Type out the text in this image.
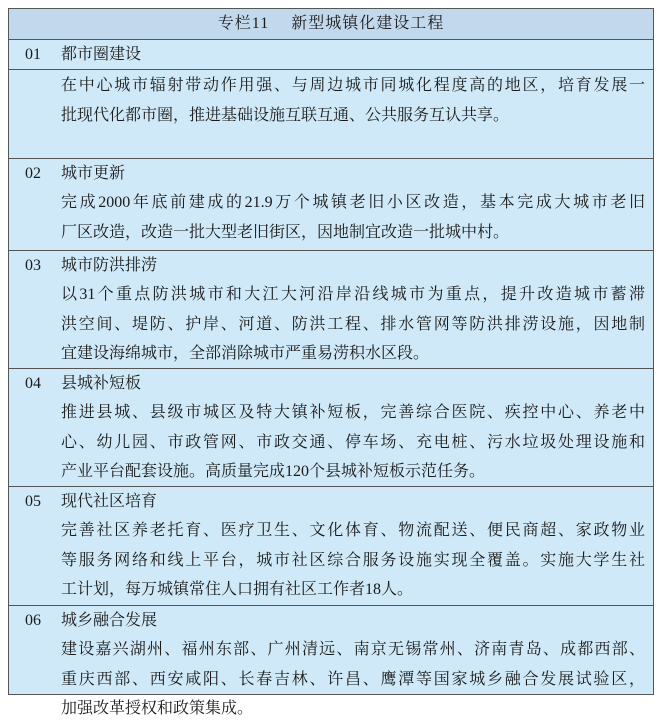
专栏11 新型城镇化建设工程
01	都市圈建设
在中心城市辐射带动作用强、与周边城市同城化程度高的地区，培育发展一
批现代化都市圈，推进基础设施互联互通、公共服务互认共享。
02	城市更新
完成2000年底前建成的21.9万个城镇老旧小区改造，基本完成大城市老旧
厂区改造，改造一批大型老旧街区，因地制宜改造一批城中村。
03	城市防洪排涝
以31个重点防洪城市和大江大河沿岸沿线城市为重点，提升改造城市蓄滞
洪空间、堤防、护岸、河道、防洪工程、排水管网等防洪排涝设施，因地制
宜建设海绵城市，全部消除城市严重易涝积水区段。
04	县城补短板
推进县城、县级市城区及特大镇补短板，完善综合医院、疾控中心、养老中
心、幼儿园、市政管网、市政交通、停车场、充电桩、污水垃圾处理设施和
产业平台配套设施。高质量完成120个县城补短板示范任务。
05	现代社区培育
完善社区养老托育、医疗卫生、文化体育、物流配送、便民商超、家政物业
等服务网络和线上平台，城市社区综合服务设施实现全覆盖。实施大学生社
工计划，每万城镇常住人口拥有社区工作者18人。
06	城乡融合发展
建设嘉兴湖州、福州东部、广州清远、南京无锡常州、济南青岛、成都西部、
重庆西部、西安咸阳、长春吉林、许昌、鹰潭等国家城乡融合发展试验区，
加强改革授权和政策集成。
